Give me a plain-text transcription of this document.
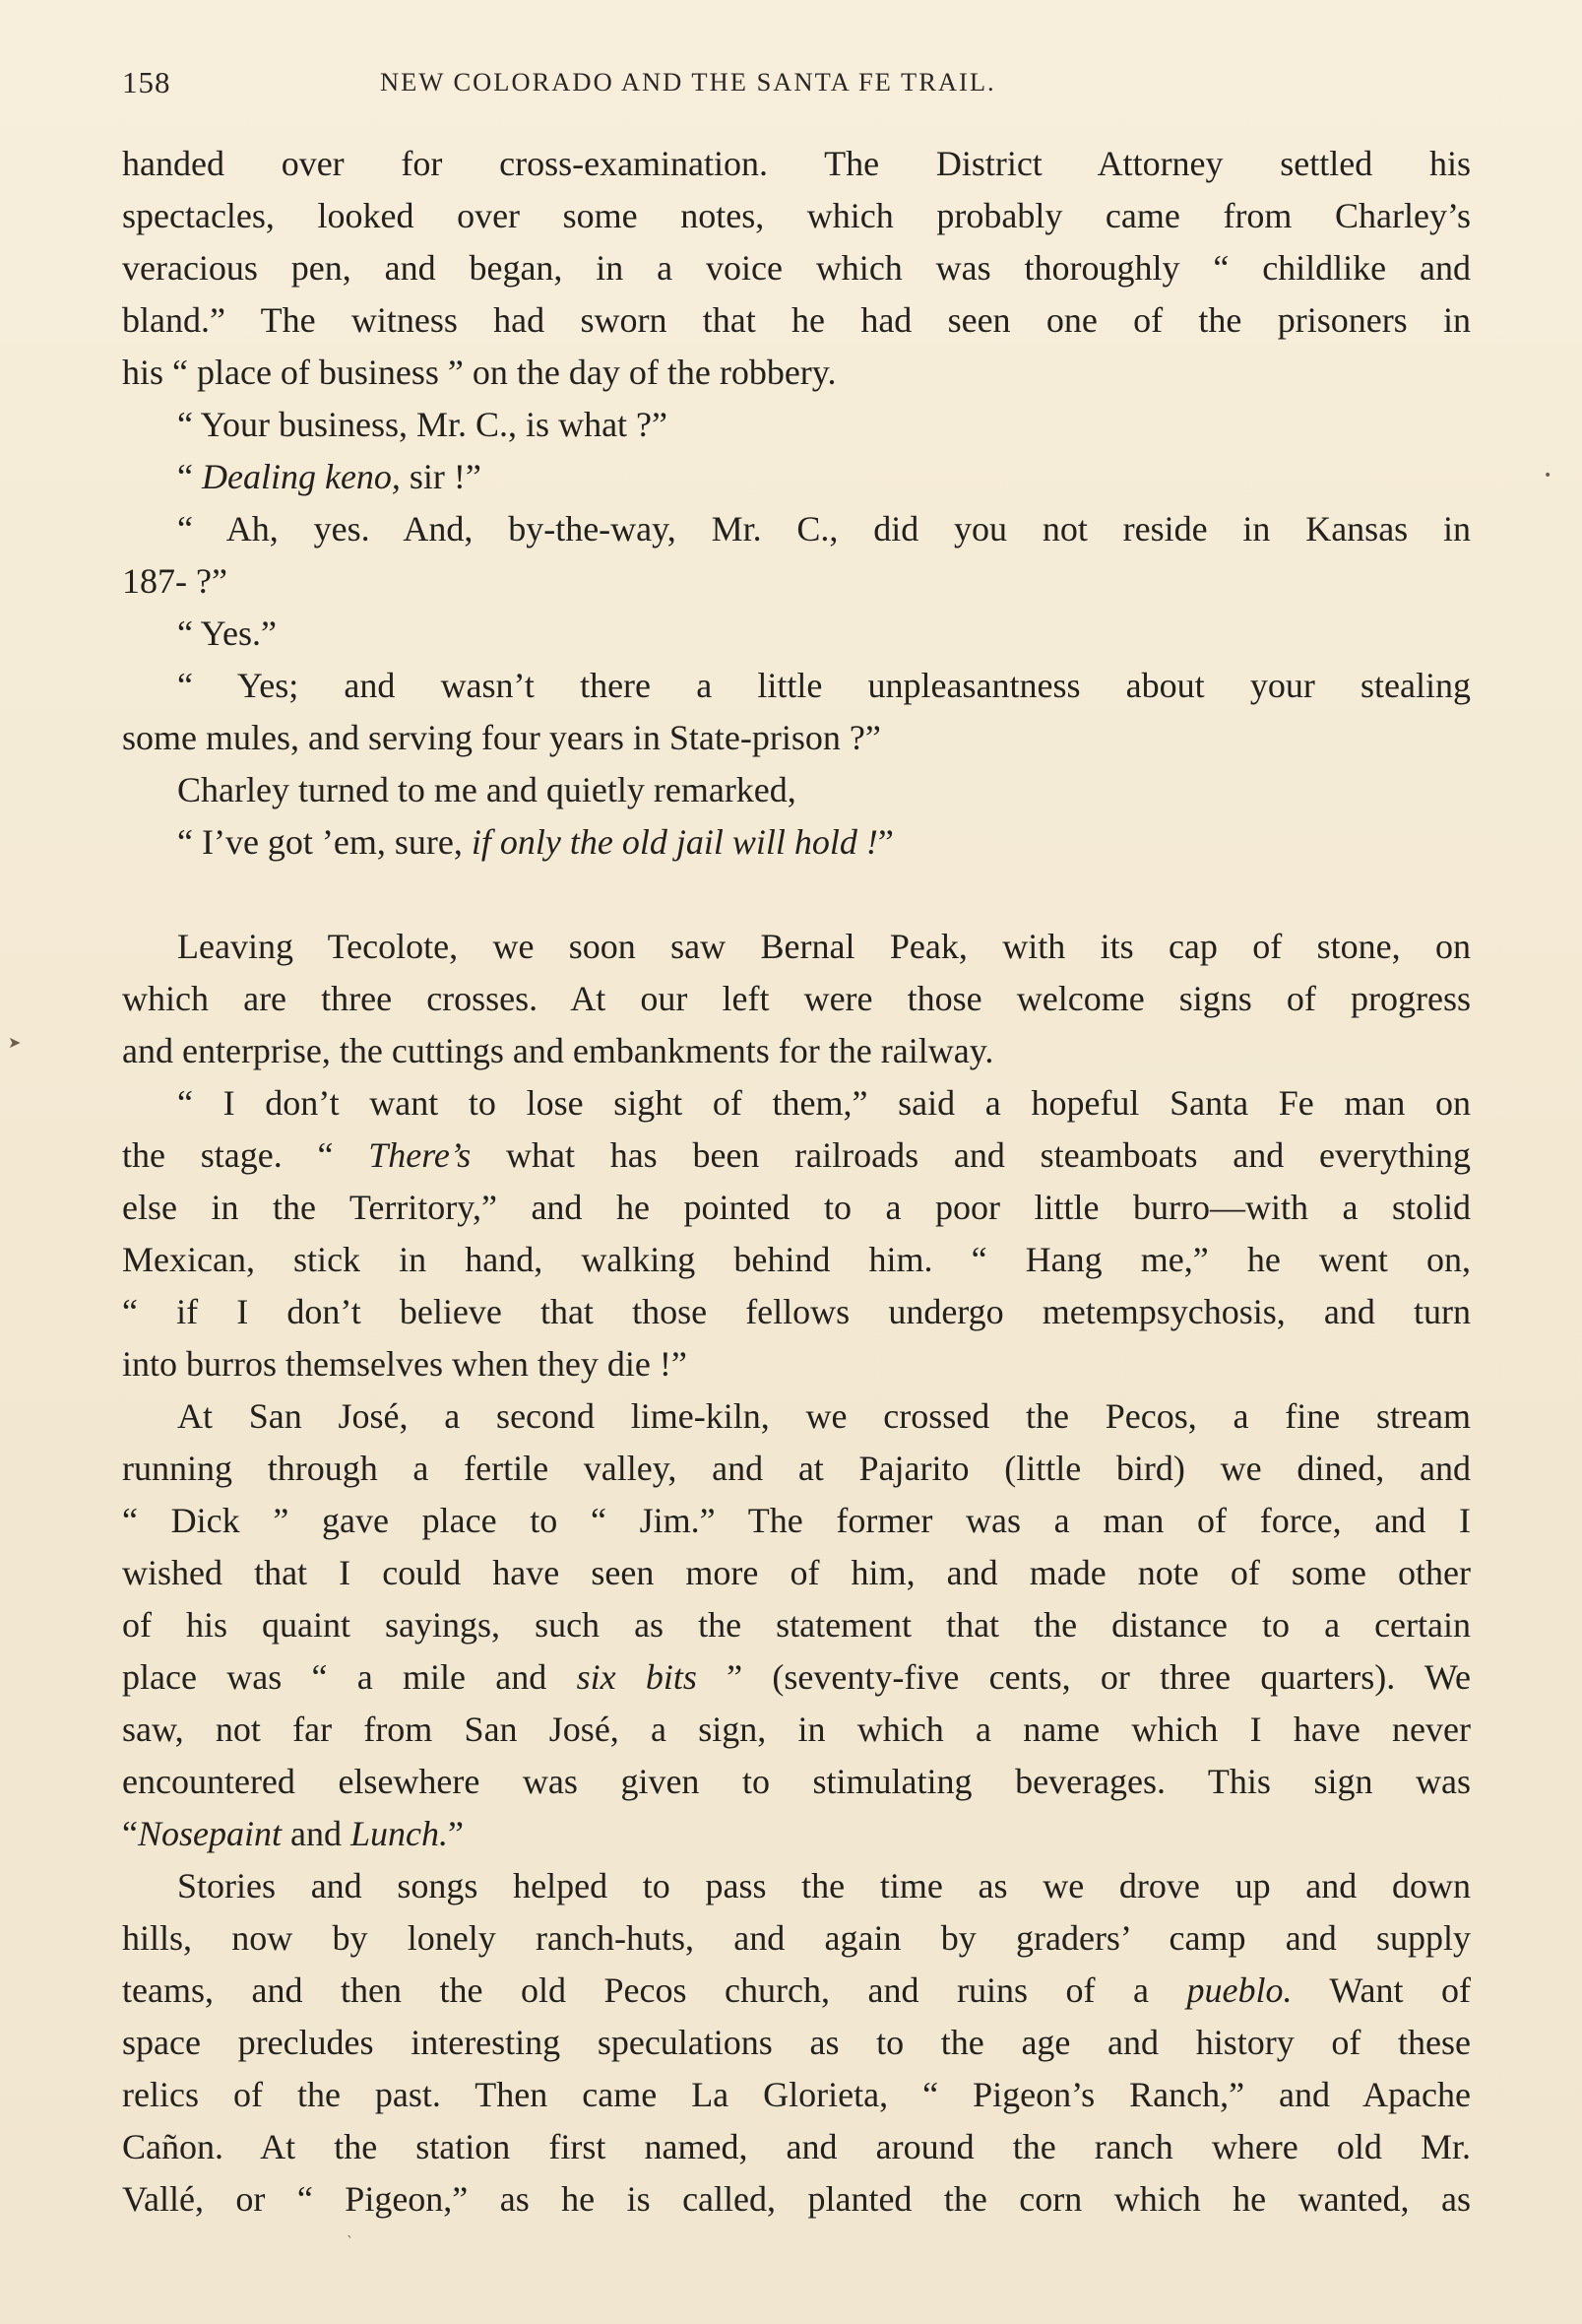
158	NEW COLORADO AND THE SANTA FE TRAIL.
handed over for cross-examination. The District Attorney settled his
spectacles, looked over some notes, which probably came from Charley’s
veracious pen, and began, in a voice which was thoroughly “ childlike and
bland.” The witness had sworn that he had seen one of the prisoners in
his “ place of business ” on the day of the robbery.
“ Your business, Mr. C., is what ?”
“ Dealing keno, sir !”
“ Ah, yes. And, by-the-way, Mr. C., did you not reside in Kansas in
187- ?”
“ Yes.”
“ Yes; and wasn’t there a little unpleasantness about your stealing
some mules, and serving four years in State-prison ?”
Charley turned to me and quietly remarked,
“ I’ve got ’em, sure, if only the old jail will hold !”
Leaving Tecolote, we soon saw Bernal Peak, with its cap of stone, on
which are three crosses. At our left were those welcome signs of progress
and enterprise, the cuttings and embankments for the railway.
“ I don’t want to lose sight of them,” said a hopeful Santa Fe man on
the stage. “ There’s what has been railroads and steamboats and everything
else in the Territory,” and he pointed to a poor little burro—with a stolid
Mexican, stick in hand, walking behind him. “ Hang me,” he went on,
“ if I don’t believe that those fellows undergo metempsychosis, and turn
into burros themselves when they die !”
At San José, a second lime-kiln, we crossed the Pecos, a fine stream
running through a fertile valley, and at Pajarito (little bird) we dined, and
“ Dick ” gave place to “ Jim.” The former was a man of force, and I
wished that I could have seen more of him, and made note of some other
of his quaint sayings, such as the statement that the distance to a certain
place was “ a mile and six bits ” (seventy-five cents, or three quarters). We
saw, not far from San José, a sign, in which a name which I have never
encountered elsewhere was given to stimulating beverages. This sign was
“Nosepaint and Lunch.”
Stories and songs helped to pass the time as we drove up and down
hills, now by lonely ranch-huts, and again by graders’ camp and supply
teams, and then the old Pecos church, and ruins of a pueblo. Want of
space precludes interesting speculations as to the age and history of these
relics of the past. Then came La Glorieta, “ Pigeon’s Ranch,” and Apache
Cañon. At the station first named, and around the ranch where old Mr.
Vallé, or “ Pigeon,” as he is called, planted the corn which he wanted, as
•
➤
ˎ
